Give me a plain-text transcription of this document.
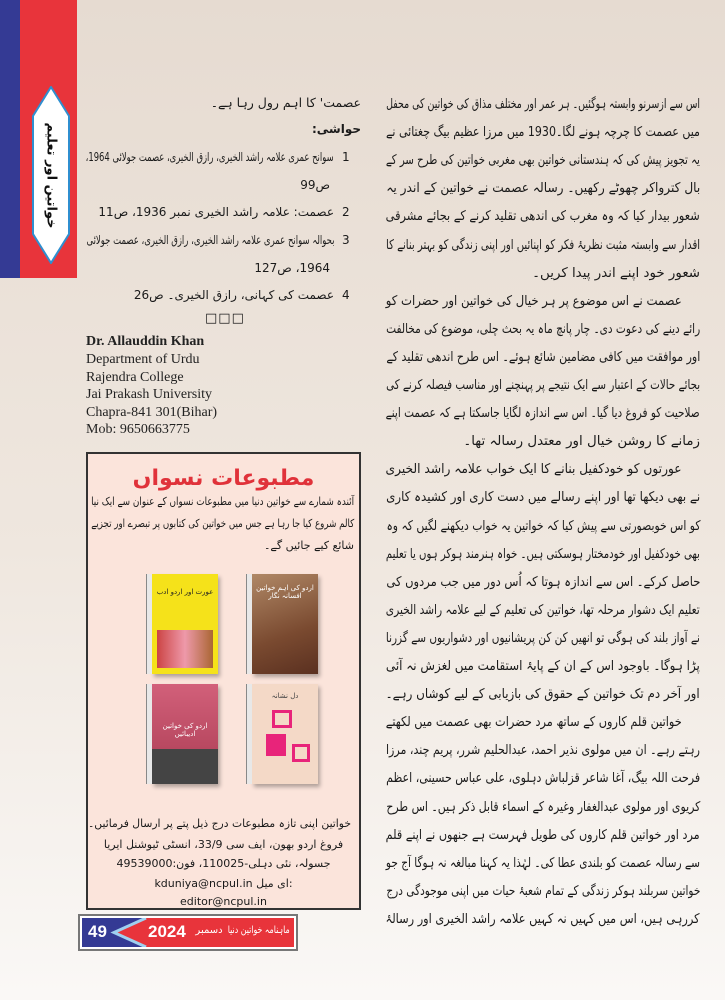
خواتین اور تعلیم
اس سے ازسرنو وابستہ ہوگئیں۔ ہر عمر اور مختلف مذاق کی خواتین کی محفل
میں عصمت کا چرچہ ہونے لگا۔1930 میں مرزا عظیم بیگ چغتائی نے
یہ تجویز پیش کی کہ ہندستانی خواتین بھی مغربی خواتین کی طرح سر کے
بال کترواکر چھوٹے رکھیں۔ رسالہ عصمت نے خواتین کے اندر یہ
شعور بیدار کیا کہ وہ مغرب کی اندھی تقلید کرنے کے بجائے مشرقی
اقدار سے وابستہ مثبت نظریۂ فکر کو اپنائیں اور اپنی زندگی کو بہتر بنانے کا
شعور خود اپنے اندر پیدا کریں۔
عصمت نے اس موضوع پر ہر خیال کی خواتین اور حضرات کو
رائے دینے کی دعوت دی۔ چار پانچ ماہ یہ بحث چلی، موضوع کی مخالفت
اور موافقت میں کافی مضامین شائع ہوئے۔ اس طرح اندھی تقلید کے
بجائے حالات کے اعتبار سے ایک نتیجے پر پہنچنے اور مناسب فیصلہ کرنے کی
صلاحیت کو فروغ دیا گیا۔ اس سے اندازہ لگایا جاسکتا ہے کہ عصمت اپنے
زمانے کا روشن خیال اور معتدل رسالہ تھا۔
عورتوں کو خودکفیل بنانے کا ایک خواب علامہ راشد الخیری
نے بھی دیکھا تھا اور اپنے رسالے میں دست کاری اور کشیدہ کاری
کو اس خوبصورتی سے پیش کیا کہ خواتین یہ خواب دیکھنے لگیں کہ وہ
بھی خودکفیل اور خودمختار ہوسکتی ہیں۔ خواہ ہنرمند ہوکر ہوں یا تعلیم
حاصل کرکے۔ اس سے اندازہ ہوتا کہ اُس دور میں جب مردوں کی
تعلیم ایک دشوار مرحلہ تھا، خواتین کی تعلیم کے لیے علامہ راشد الخیری
نے آواز بلند کی ہوگی تو انھیں کن کن پریشانیوں اور دشواریوں سے گزرنا
پڑا ہوگا۔ باوجود اس کے ان کے پایۂ استقامت میں لغزش نہ آئی
اور آخر دم تک خواتین کے حقوق کی بازیابی کے لیے کوشاں رہے۔
خواتین قلم کاروں کے ساتھ مرد حضرات بھی عصمت میں لکھتے
رہتے رہے۔ ان میں مولوی نذیر احمد، عبدالحلیم شرر، پریم چند، مرزا
فرحت اللہ بیگ، آغا شاعر قزلباش دہلوی، علی عباس حسینی، اعظم
کریوی اور مولوی عبدالغفار وغیرہ کے اسماء قابل ذکر ہیں۔ اس طرح
مرد اور خواتین قلم کاروں کی طویل فہرست ہے جنھوں نے اپنے قلم
سے رسالہ عصمت کو بلندی عطا کی۔ لہٰذا یہ کہنا مبالغہ نہ ہوگا آج جو
خواتین سربلند ہوکر زندگی کے تمام شعبۂ حیات میں اپنی موجودگی درج
کررہی ہیں، اس میں کہیں نہ کہیں علامہ راشد الخیری اور رسالۂ
عصمت' کا اہم رول رہا ہے۔
حواشی:
□□□
Dr. Allauddin Khan
1
سوانح عمری علامہ راشد الخیری، رازق الخیری، عصمت جولائی 1964،
ص99
2
عصمت: علامہ راشد الخیری نمبر 1936، ص11
3
بحوالہ سوانح عمری علامہ راشد الخیری، رازق الخیری، عصمت جولائی
1964، ص127
4
عصمت کی کہانی، رازق الخیری۔ ص26
Department of Urdu
Rajendra College
Jai Prakash University
Chapra-841 301(Bihar)
Mob: 9650663775
مطبوعات نسواں
آئندہ شمارے سے خواتین دنیا میں مطبوعات نسواں کے عنوان سے ایک نیا
کالم شروع کیا جا رہا ہے جس میں خواتین کی کتابوں پر تبصرے اور تجزیے
شائع کیے جائیں گے۔
اردو کی اہم خواتین افسانہ نگار
عورت اور اردو ادب
دل نشانہ
اردو کی خواتین ادیبائیں
خواتین اپنی تازہ مطبوعات درج ذیل پتے پر ارسال فرمائیں۔
فروغ اردو بھون، ایف سی 33/9، انسٹی ٹیوشنل ایریا
جسولہ، نئی دہلی-110025، فون:49539000
kduniya@ncpul.in ای میل:
editor@ncpul.in
49 2024 دسمبر ماہنامہ خواتین دنیا
